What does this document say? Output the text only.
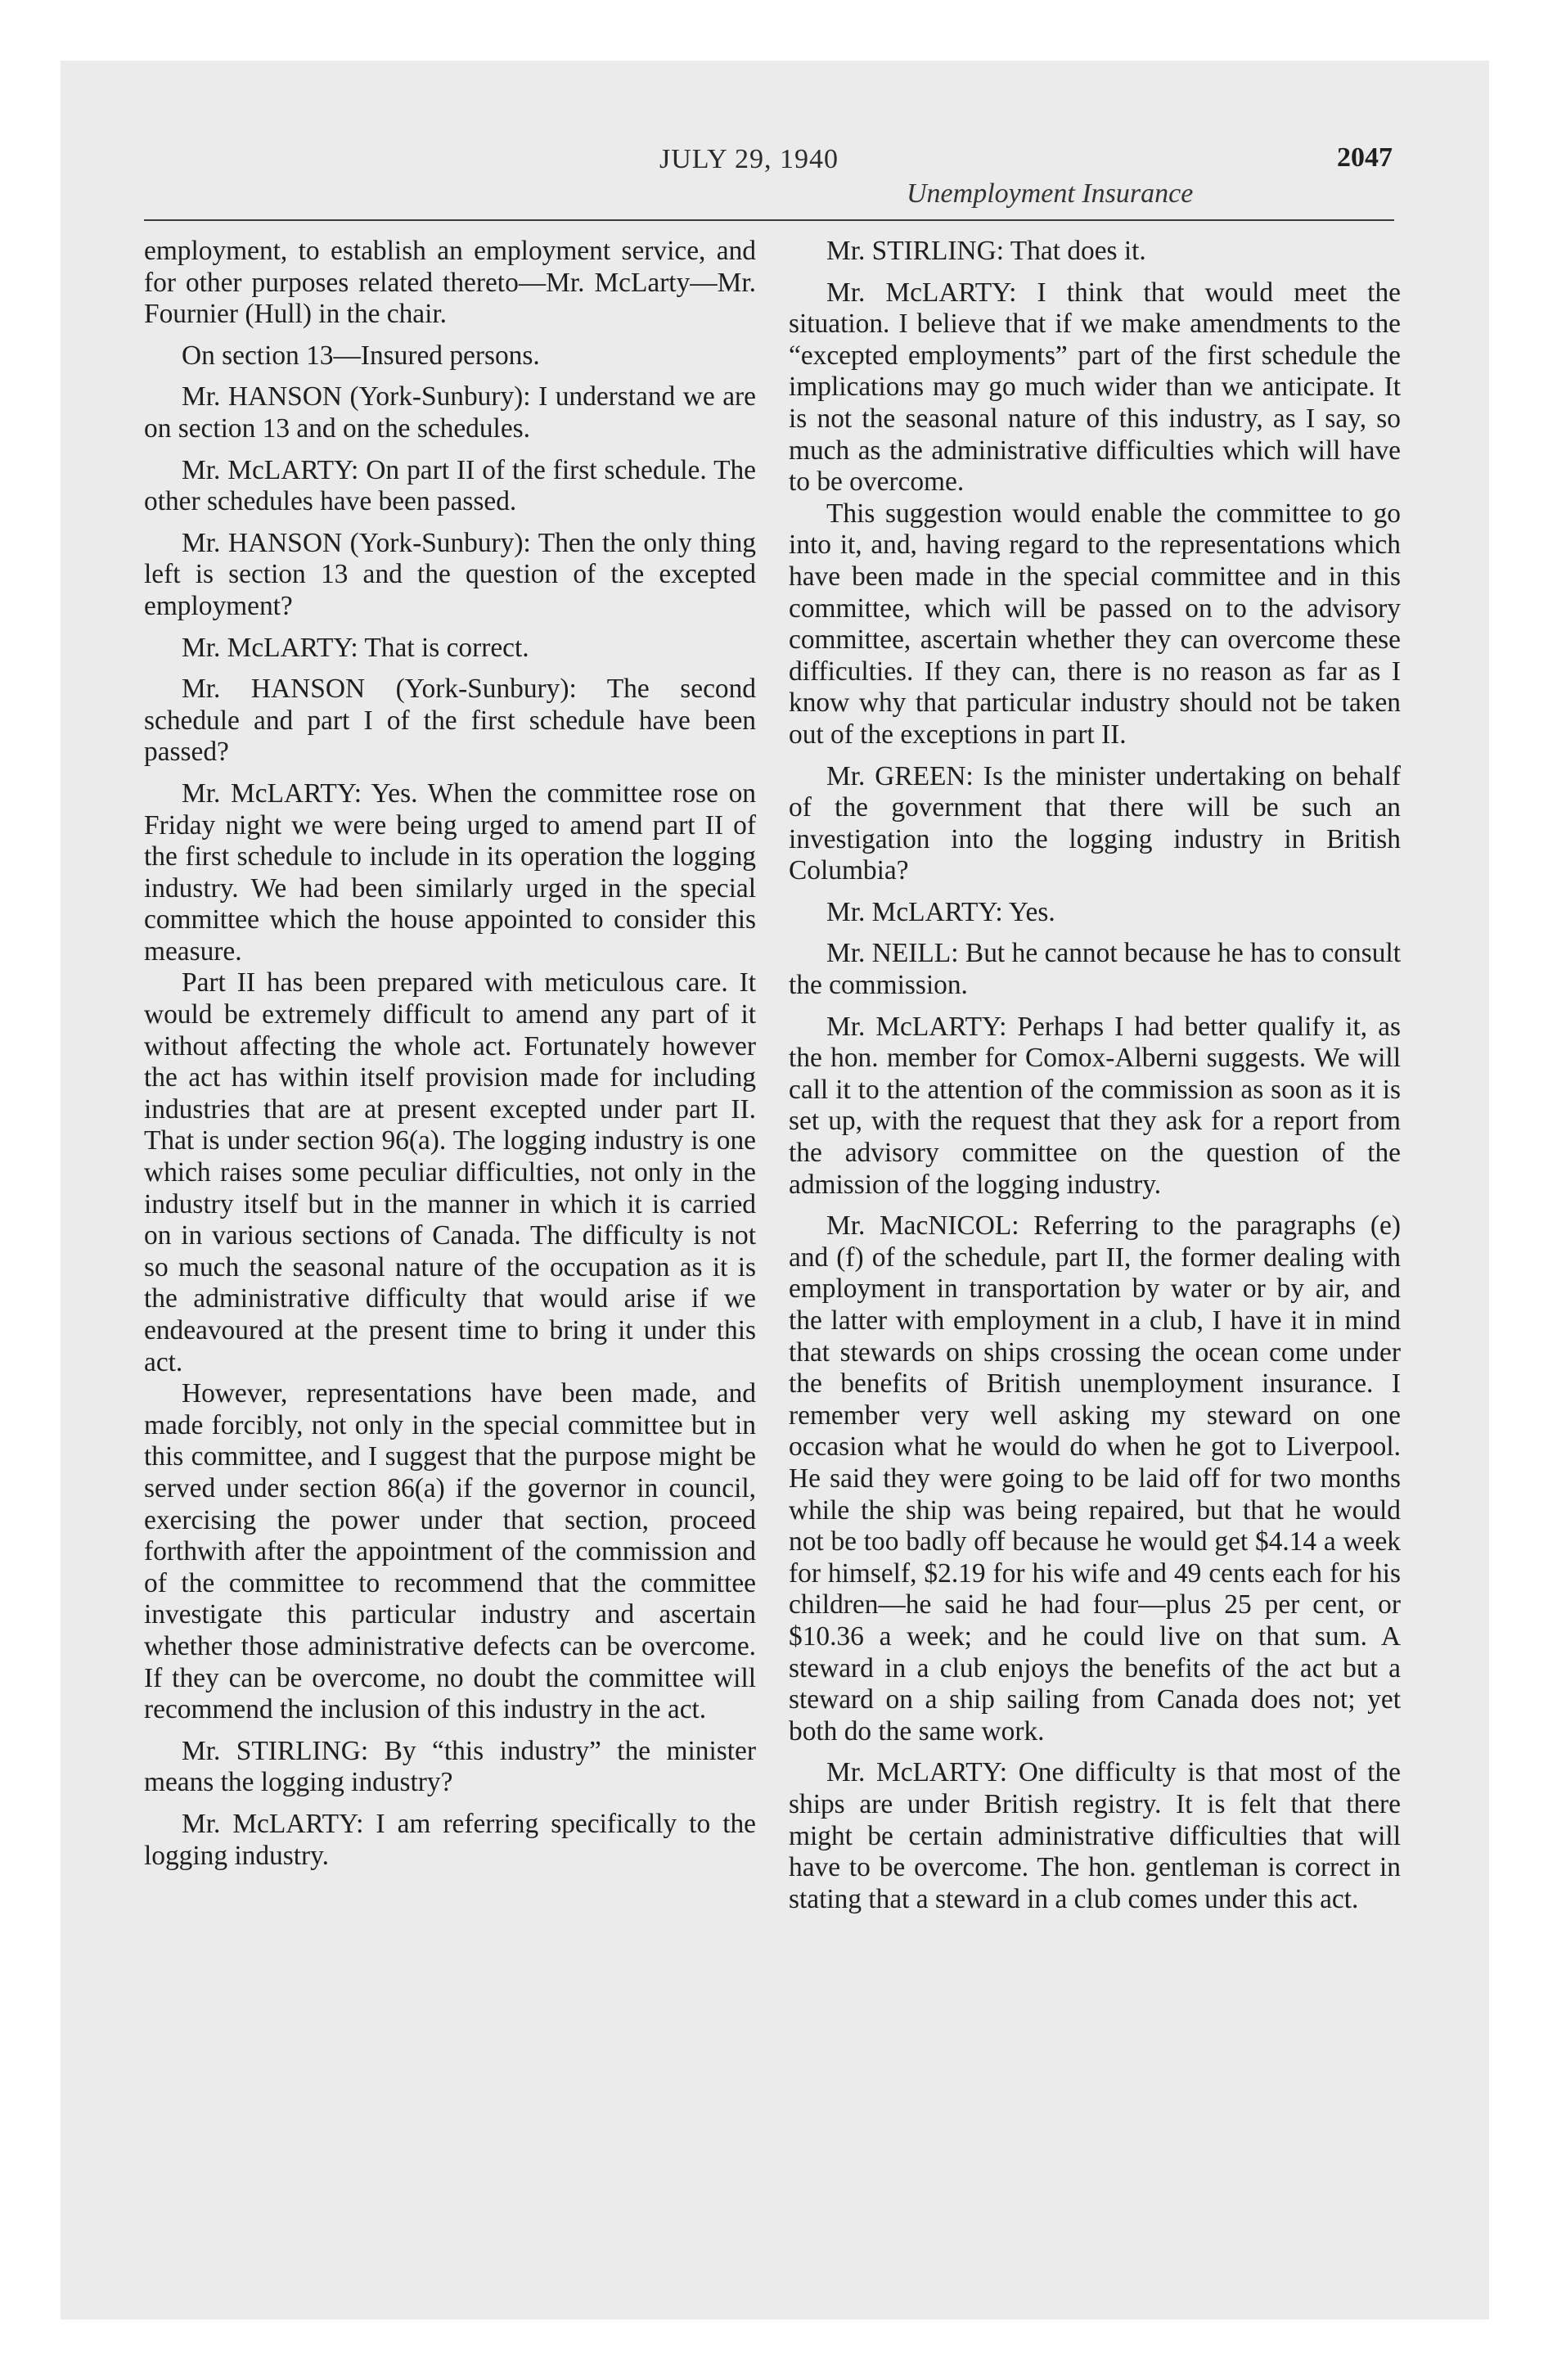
JULY 29, 1940	2047
Unemployment Insurance

employment, to establish an employment service, and for other purposes related thereto—Mr. McLarty—Mr. Fournier (Hull) in the chair.

On section 13—Insured persons.

Mr. HANSON (York-Sunbury): I understand we are on section 13 and on the schedules.

Mr. McLARTY: On part II of the first schedule. The other schedules have been passed.

Mr. HANSON (York-Sunbury): Then the only thing left is section 13 and the question of the excepted employment?

Mr. McLARTY: That is correct.

Mr. HANSON (York-Sunbury): The second schedule and part I of the first schedule have been passed?

Mr. McLARTY: Yes. When the committee rose on Friday night we were being urged to amend part II of the first schedule to include in its operation the logging industry. We had been similarly urged in the special committee which the house appointed to consider this measure.

Part II has been prepared with meticulous care. It would be extremely difficult to amend any part of it without affecting the whole act. Fortunately however the act has within itself provision made for including industries that are at present excepted under part II. That is under section 96(a). The logging industry is one which raises some peculiar difficulties, not only in the industry itself but in the manner in which it is carried on in various sections of Canada. The difficulty is not so much the seasonal nature of the occupation as it is the administrative difficulty that would arise if we endeavoured at the present time to bring it under this act.

However, representations have been made, and made forcibly, not only in the special committee but in this committee, and I suggest that the purpose might be served under section 86(a) if the governor in council, exercising the power under that section, proceed forthwith after the appointment of the commission and of the committee to recommend that the committee investigate this particular industry and ascertain whether those administrative defects can be overcome. If they can be overcome, no doubt the committee will recommend the inclusion of this industry in the act.

Mr. STIRLING: By “this industry” the minister means the logging industry?

Mr. McLARTY: I am referring specifically to the logging industry.

Mr. STIRLING: That does it.

Mr. McLARTY: I think that would meet the situation. I believe that if we make amendments to the “excepted employments” part of the first schedule the implications may go much wider than we anticipate. It is not the seasonal nature of this industry, as I say, so much as the administrative difficulties which will have to be overcome.

This suggestion would enable the committee to go into it, and, having regard to the representations which have been made in the special committee and in this committee, which will be passed on to the advisory committee, ascertain whether they can overcome these difficulties. If they can, there is no reason as far as I know why that particular industry should not be taken out of the exceptions in part II.

Mr. GREEN: Is the minister undertaking on behalf of the government that there will be such an investigation into the logging industry in British Columbia?

Mr. McLARTY: Yes.

Mr. NEILL: But he cannot because he has to consult the commission.

Mr. McLARTY: Perhaps I had better qualify it, as the hon. member for Comox-Alberni suggests. We will call it to the attention of the commission as soon as it is set up, with the request that they ask for a report from the advisory committee on the question of the admission of the logging industry.

Mr. MacNICOL: Referring to the paragraphs (e) and (f) of the schedule, part II, the former dealing with employment in transportation by water or by air, and the latter with employment in a club, I have it in mind that stewards on ships crossing the ocean come under the benefits of British unemployment insurance. I remember very well asking my steward on one occasion what he would do when he got to Liverpool. He said they were going to be laid off for two months while the ship was being repaired, but that he would not be too badly off because he would get $4.14 a week for himself, $2.19 for his wife and 49 cents each for his children—he said he had four—plus 25 per cent, or $10.36 a week; and he could live on that sum. A steward in a club enjoys the benefits of the act but a steward on a ship sailing from Canada does not; yet both do the same work.

Mr. McLARTY: One difficulty is that most of the ships are under British registry. It is felt that there might be certain administrative difficulties that will have to be overcome. The hon. gentleman is correct in stating that a steward in a club comes under this act.
